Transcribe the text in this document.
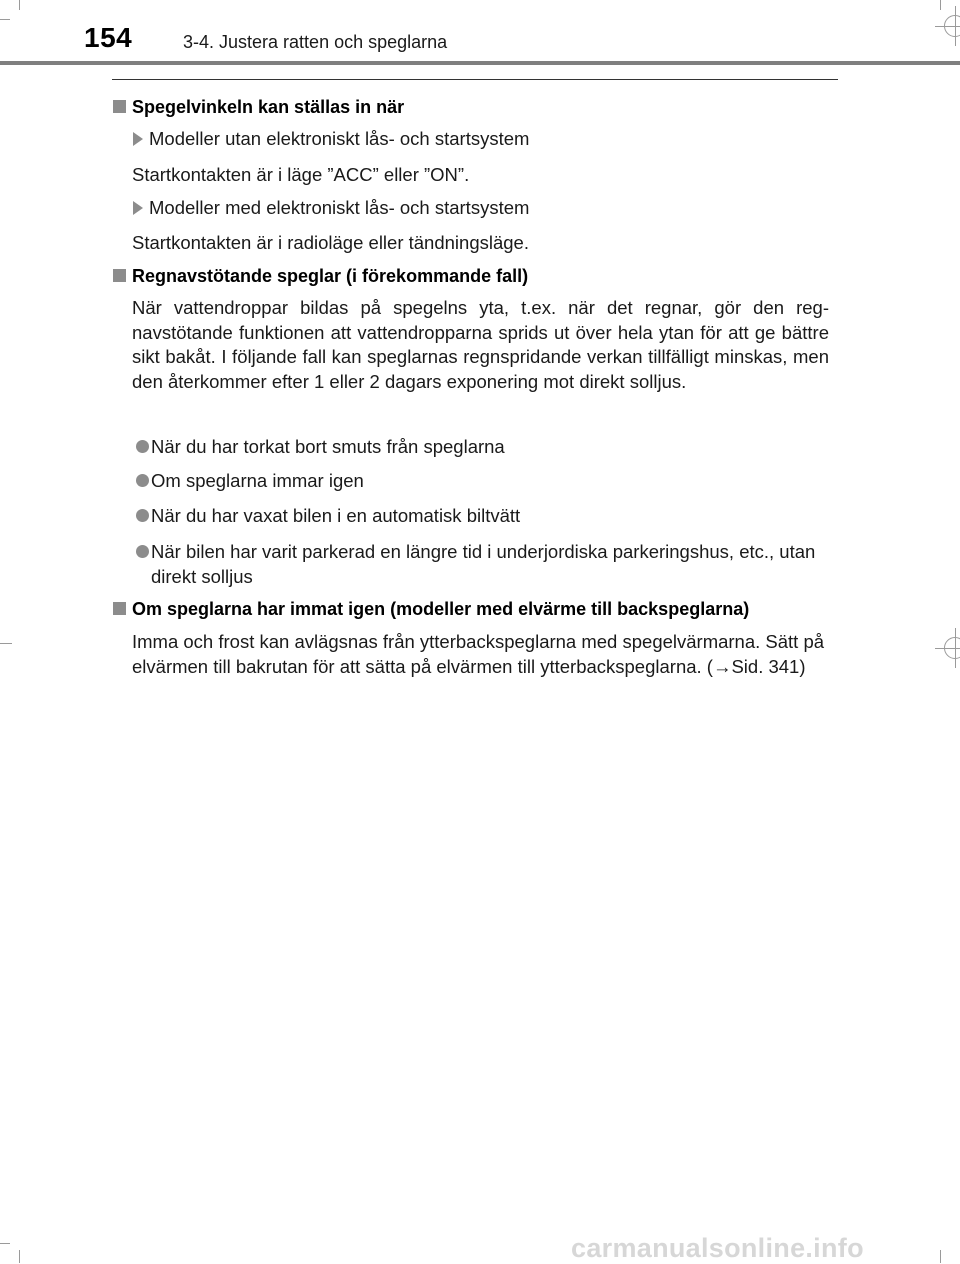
154	3-4. Justera ratten och speglarna
Spegelvinkeln kan ställas in när
Modeller utan elektroniskt lås- och startsystem
Startkontakten är i läge ”ACC” eller ”ON”.
Modeller med elektroniskt lås- och startsystem
Startkontakten är i radioläge eller tändningsläge.
Regnavstötande speglar (i förekommande fall)
När vattendroppar bildas på spegelns yta, t.ex. när det regnar, gör den reg-navstötande funktionen att vattendropparna sprids ut över hela ytan för att ge bättre sikt bakåt. I följande fall kan speglarnas regnspridande verkan tillfälligt minskas, men den återkommer efter 1 eller 2 dagars exponering mot direkt solljus.
När du har torkat bort smuts från speglarna
Om speglarna immar igen
När du har vaxat bilen i en automatisk biltvätt
När bilen har varit parkerad en längre tid i underjordiska parkeringshus, etc., utan direkt solljus
Om speglarna har immat igen (modeller med elvärme till backspeglarna)
Imma och frost kan avlägsnas från ytterbackspeglarna med spegelvärmarna. Sätt på elvärmen till bakrutan för att sätta på elvärmen till ytterbackspeglarna. (→Sid. 341)
carmanualsonline.info
